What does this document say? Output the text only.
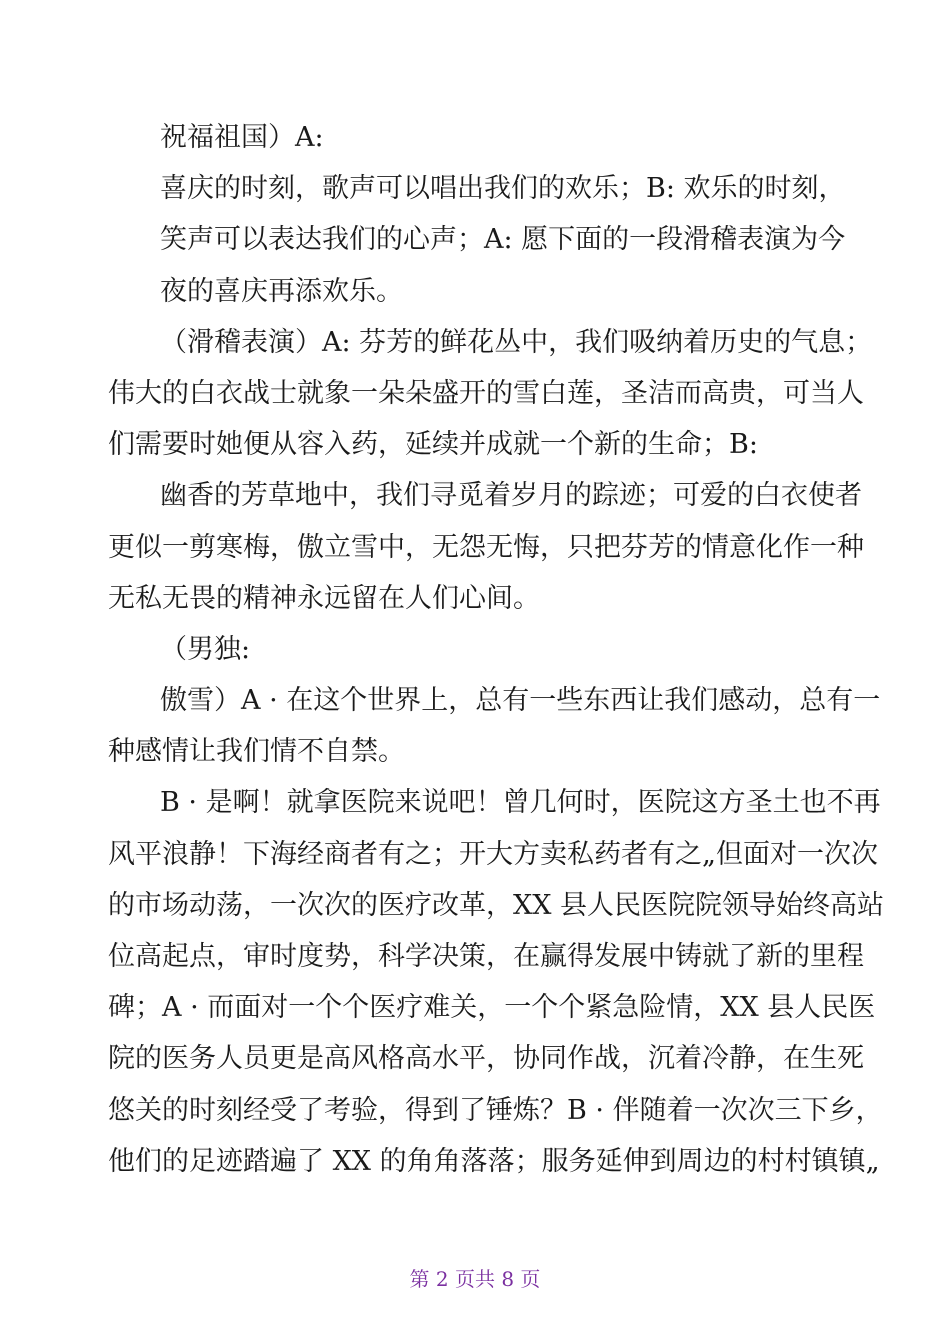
祝福祖国）A:
喜庆的时刻，歌声可以唱出我们的欢乐；B: 欢乐的时刻，
笑声可以表达我们的心声；A: 愿下面的一段滑稽表演为今
夜的喜庆再添欢乐。
（滑稽表演）A: 芬芳的鲜花丛中，我们吸纳着历史的气息；
伟大的白衣战士就象一朵朵盛开的雪白莲，圣洁而高贵，可当人
们需要时她便从容入药，延续并成就一个新的生命；B:
幽香的芳草地中，我们寻觅着岁月的踪迹；可爱的白衣使者
更似一剪寒梅，傲立雪中，无怨无悔，只把芬芳的情意化作一种
无私无畏的精神永远留在人们心间。
（男独:
傲雪）A · 在这个世界上，总有一些东西让我们感动，总有一
种感情让我们情不自禁。
B · 是啊！就拿医院来说吧！曾几何时，医院这方圣土也不再
风平浪静！下海经商者有之；开大方卖私药者有之„但面对一次次
的市场动荡，一次次的医疗改革，XX 县人民医院院领导始终高站
位高起点，审时度势，科学决策，在赢得发展中铸就了新的里程
碑；A · 而面对一个个医疗难关，一个个紧急险情，XX 县人民医
院的医务人员更是高风格高水平，协同作战，沉着冷静，在生死
悠关的时刻经受了考验，得到了锤炼？B · 伴随着一次次三下乡，
他们的足迹踏遍了 XX 的角角落落；服务延伸到周边的村村镇镇„
第 2 页共 8 页
